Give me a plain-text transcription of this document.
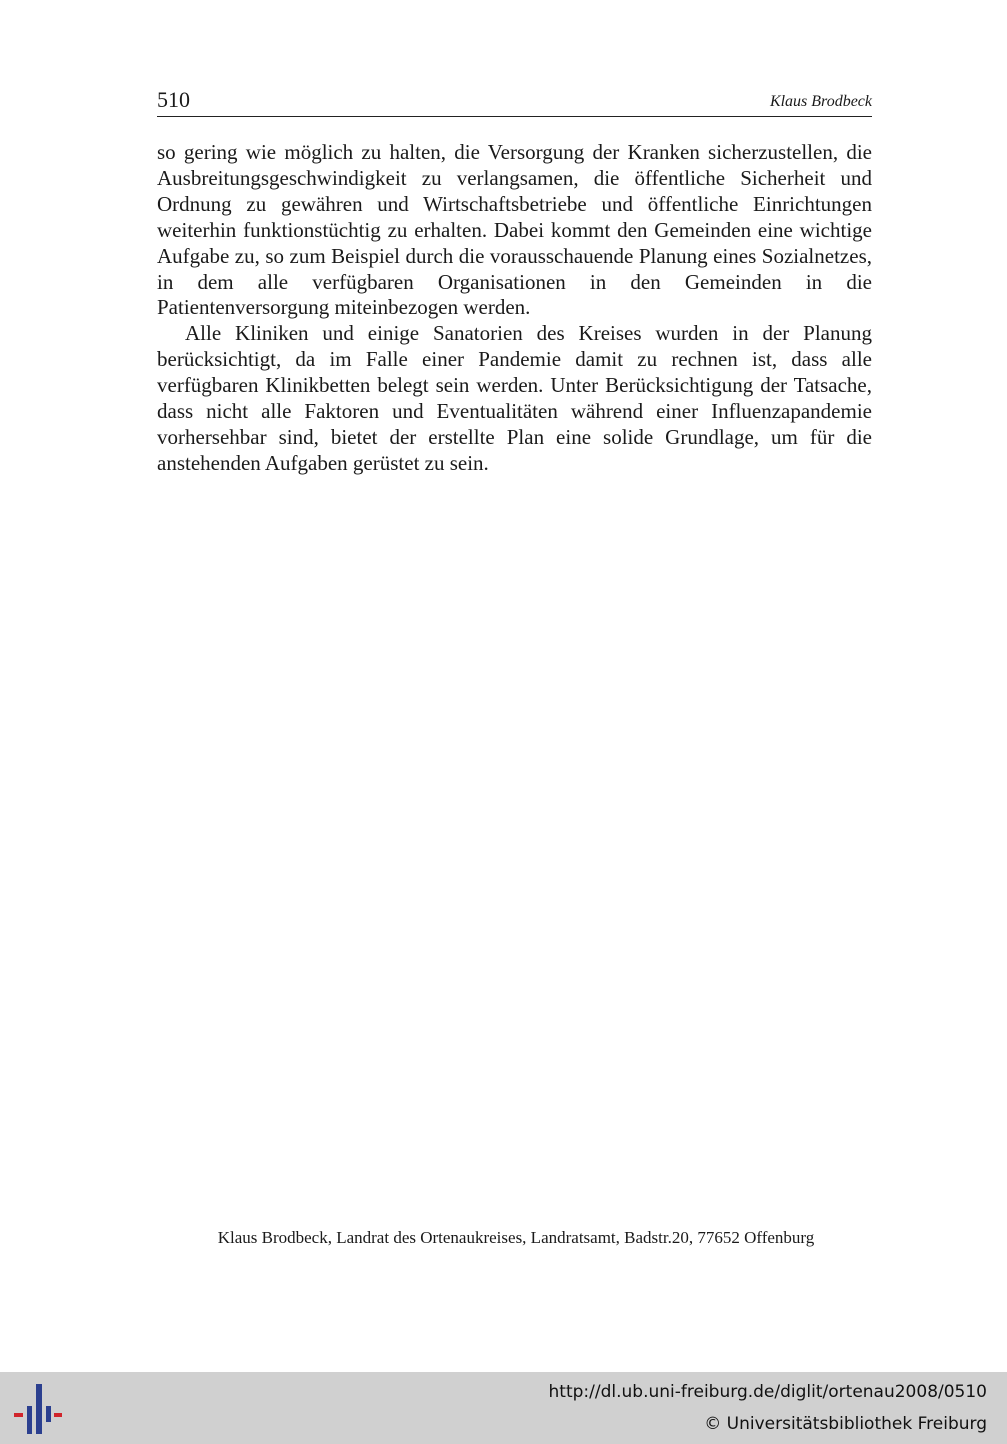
510	Klaus Brodbeck

so gering wie möglich zu halten, die Versorgung der Kranken sicherzustellen, die Ausbreitungsgeschwindigkeit zu verlangsamen, die öffentliche Sicherheit und Ordnung zu gewähren und Wirtschaftsbetriebe und öffentliche Einrichtungen weiterhin funktionstüchtig zu erhalten. Dabei kommt den Gemeinden eine wichtige Aufgabe zu, so zum Beispiel durch die vorausschauende Planung eines Sozialnetzes, in dem alle verfügbaren Organisationen in den Gemeinden in die Patientenversorgung miteinbezogen werden.

Alle Kliniken und einige Sanatorien des Kreises wurden in der Planung berücksichtigt, da im Falle einer Pandemie damit zu rechnen ist, dass alle verfügbaren Klinikbetten belegt sein werden. Unter Berücksichtigung der Tatsache, dass nicht alle Faktoren und Eventualitäten während einer Influenzapandemie vorhersehbar sind, bietet der erstellte Plan eine solide Grundlage, um für die anstehenden Aufgaben gerüstet zu sein.

Klaus Brodbeck, Landrat des Ortenaukreises, Landratsamt, Badstr.20, 77652 Offenburg
http://dl.ub.uni-freiburg.de/diglit/ortenau2008/0510
© Universitätsbibliothek Freiburg
